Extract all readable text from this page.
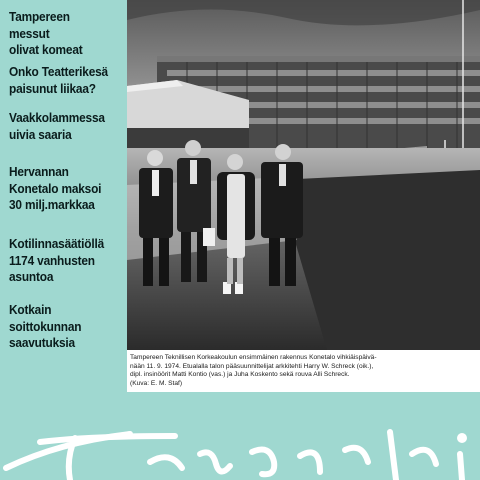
Tampereen messut
olivat komeat
Onko Teatterikesä
paisunut liikaa?
Vaakkolammessa
uivia saaria
Hervannan
Konetalo maksoi
30 milj.markkaa
Kotilinnasäätiöllä
1174 vanhusten
asuntoa
Kotkain soittokunnan
saavutuksia
Tampereen Teknillisen Korkeakoulun ensimmäinen rakennus Konetalo vihkiäispäivä-
nään 11. 9. 1974. Etualalla talon pääsuunnittelijat arkkitehti Harry W. Schreck (oik.),
dipl. insinöörit Matti Kontio (vas.) ja Juha Koskento sekä rouva Alli Schreck.
(Kuva: E. M. Staf)
